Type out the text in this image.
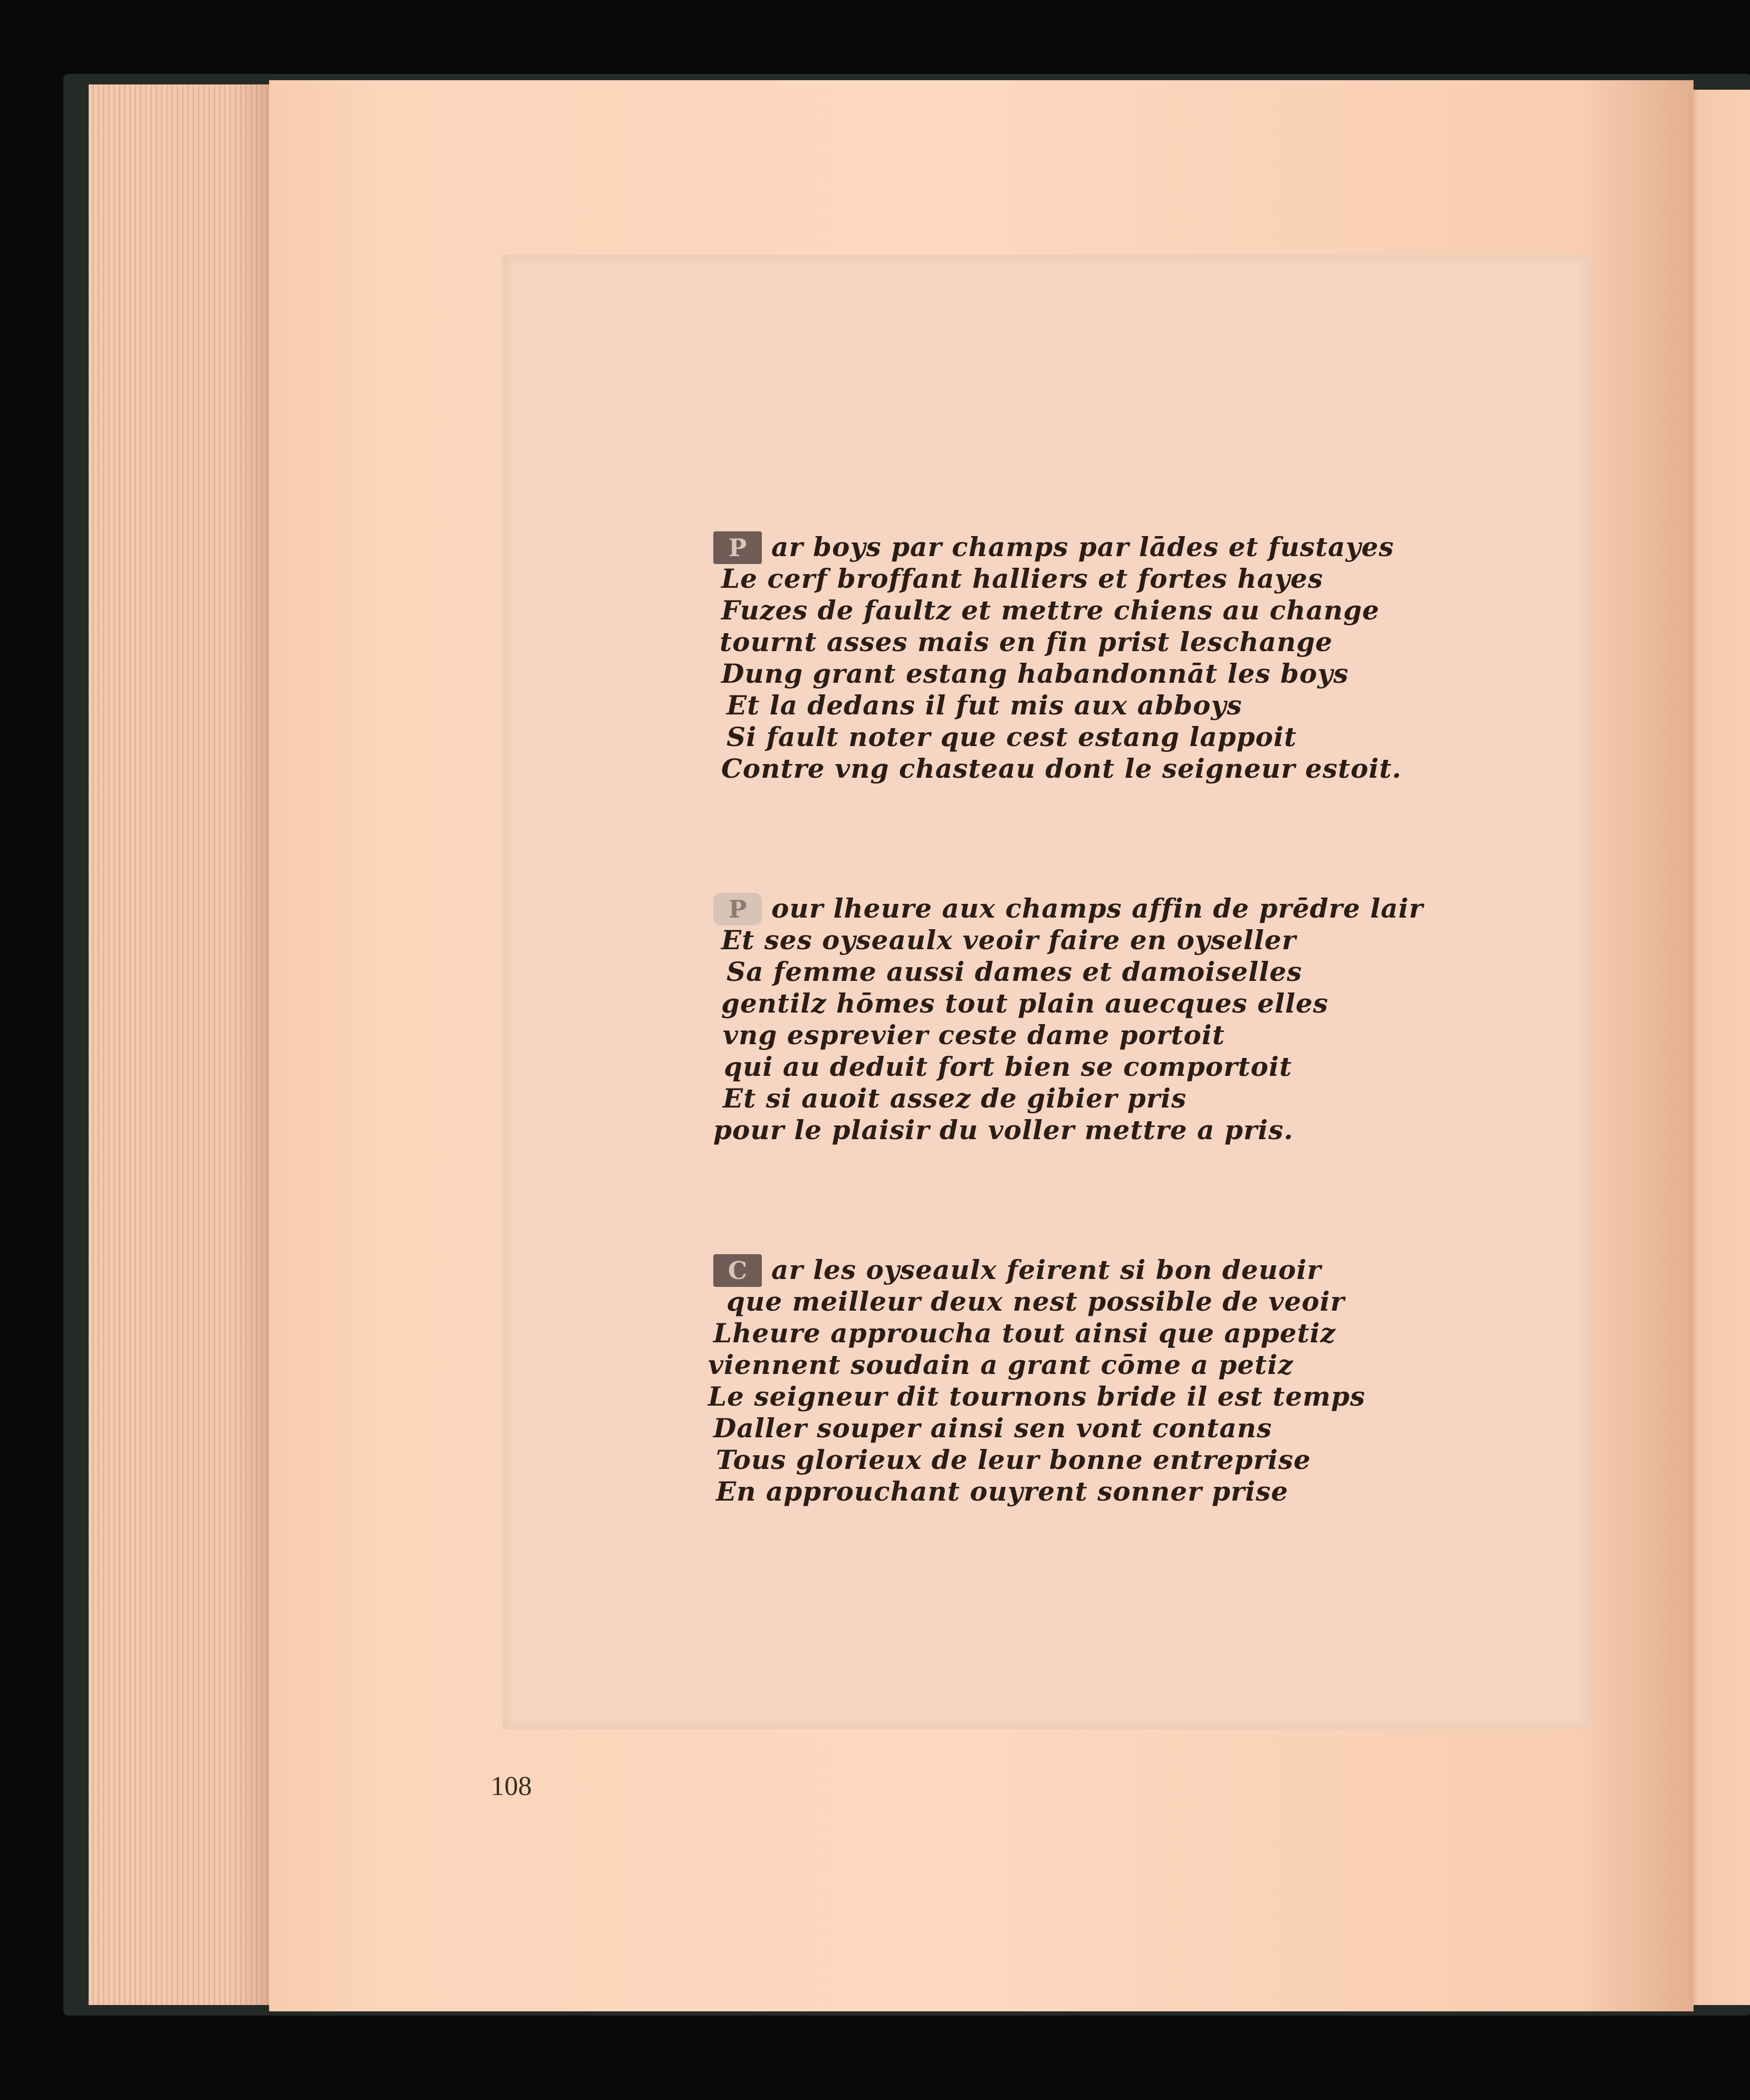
P ar boys par champs par lādes et fustayes
Le cerf broffant halliers et fortes hayes
Fuzes de faultz et mettre chiens au change
tournt asses mais en fin prist leschange
Dung grant estang habandonnāt les boys
Et la dedans il fut mis aux abboys
Si fault noter que cest estang lappoit
Contre vng chasteau dont le seigneur estoit.
P our lheure aux champs affin de prēdre lair
Et ses oyseaulx veoir faire en oyseller
Sa femme aussi dames et damoiselles
gentilz hōmes tout plain auecques elles
vng esprevier ceste dame portoit
qui au deduit fort bien se comportoit
Et si auoit assez de gibier pris
pour le plaisir du voller mettre a pris.
C ar les oyseaulx feirent si bon deuoir
que meilleur deux nest possible de veoir
Lheure approucha tout ainsi que appetiz
viennent soudain a grant cōme a petiz
Le seigneur dit tournons bride il est temps
Daller souper ainsi sen vont contans
Tous glorieux de leur bonne entreprise
En approuchant ouyrent sonner prise
108
